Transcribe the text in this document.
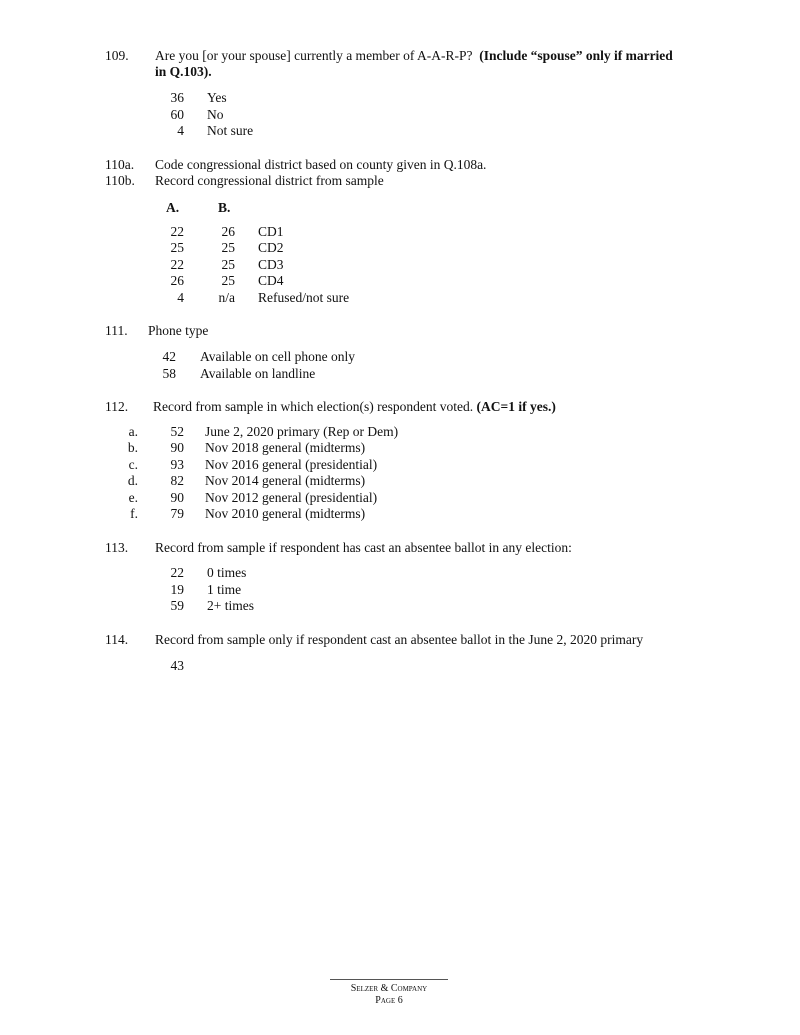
109. Are you [or your spouse] currently a member of A-A-R-P? (Include “spouse” only if married
in Q.103).
36 Yes
60 No
4 Not sure
110a. Code congressional district based on county given in Q.108a.
110b. Record congressional district from sample
A.	B.
22	26 CD1
25	25 CD2
22	25 CD3
26	25 CD4
4	n/a Refused/not sure
111. Phone type
42 Available on cell phone only
58 Available on landline
112. Record from sample in which election(s) respondent voted. (AC=1 if yes.)
a.	52 June 2, 2020 primary (Rep or Dem)
b.	90 Nov 2018 general (midterms)
c.	93 Nov 2016 general (presidential)
d.	82 Nov 2014 general (midterms)
e.	90 Nov 2012 general (presidential)
f.	79 Nov 2010 general (midterms)
113. Record from sample if respondent has cast an absentee ballot in any election:
22 0 times
19 1 time
59 2+ times
114. Record from sample only if respondent cast an absentee ballot in the June 2, 2020 primary
43
Selzer & Company
Page 6
